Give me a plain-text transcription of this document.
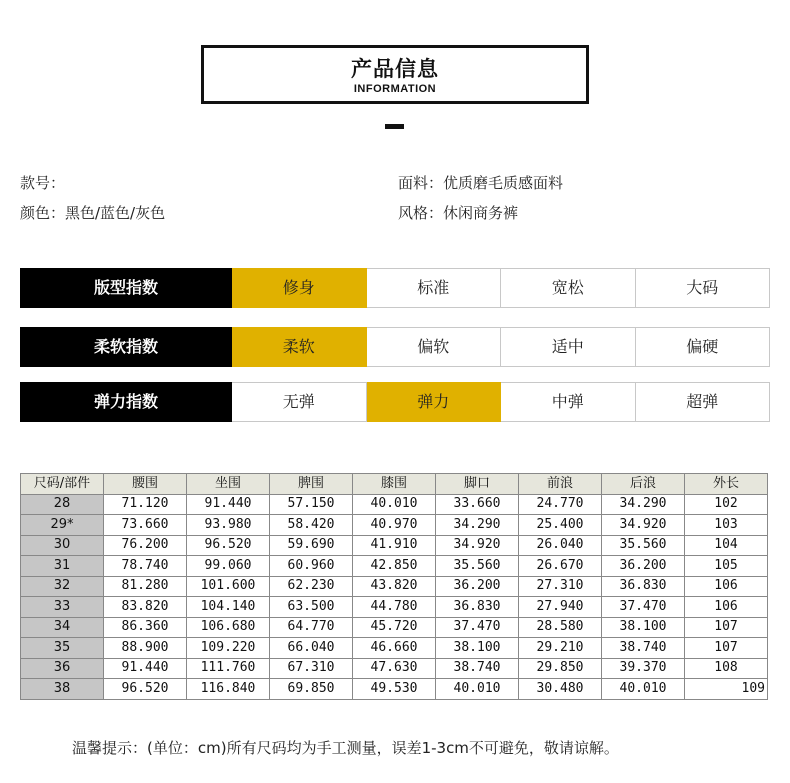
产品信息
INFORMATION
款号：
颜色：黑色/蓝色/灰色
面料：优质磨毛质感面料
风格：休闲商务裤
版型指数	修身	标准	宽松	大码
柔软指数	柔软	偏软	适中	偏硬
弹力指数	无弹	弹力	中弹	超弹
尺码/部件	腰围	坐围	脾围	膝围	脚口	前浪	后浪	外长
28	71.120	91.440	57.150	40.010	33.660	24.770	34.290	102
29*	73.660	93.980	58.420	40.970	34.290	25.400	34.920	103
30	76.200	96.520	59.690	41.910	34.920	26.040	35.560	104
31	78.740	99.060	60.960	42.850	35.560	26.670	36.200	105
32	81.280	101.600	62.230	43.820	36.200	27.310	36.830	106
33	83.820	104.140	63.500	44.780	36.830	27.940	37.470	106
34	86.360	106.680	64.770	45.720	37.470	28.580	38.100	107
35	88.900	109.220	66.040	46.660	38.100	29.210	38.740	107
36	91.440	111.760	67.310	47.630	38.740	29.850	39.370	108
38	96.520	116.840	69.850	49.530	40.010	30.480	40.010	109
温馨提示：(单位：cm)所有尺码均为手工测量，误差1-3cm不可避免，敬请谅解。
